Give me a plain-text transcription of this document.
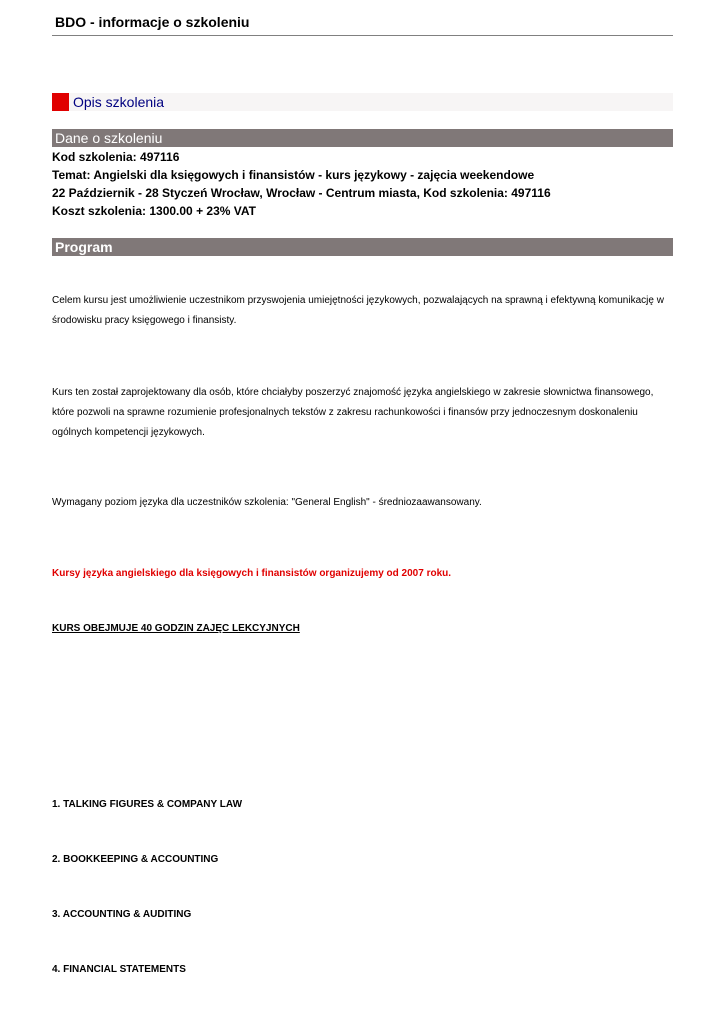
BDO - informacje o szkoleniu
Opis szkolenia
Dane o szkoleniu
Kod szkolenia: 497116
Temat: Angielski dla księgowych i finansistów - kurs językowy - zajęcia weekendowe
22 Październik - 28 Styczeń Wrocław, Wrocław - Centrum miasta, Kod szkolenia: 497116
Koszt szkolenia: 1300.00 + 23% VAT
Program
Celem kursu jest umożliwienie uczestnikom przyswojenia umiejętności językowych, pozwalających na sprawną i efektywną komunikację w środowisku pracy księgowego i finansisty.
Kurs ten został zaprojektowany dla osób, które chciałyby poszerzyć znajomość języka angielskiego w zakresie słownictwa finansowego, które pozwoli na sprawne rozumienie profesjonalnych tekstów z zakresu rachunkowości i finansów przy jednoczesnym doskonaleniu ogólnych kompetencji językowych.
Wymagany poziom języka dla uczestników szkolenia: "General English" - średniozaawansowany.
Kursy języka angielskiego dla księgowych i finansistów organizujemy od 2007 roku.
KURS OBEJMUJE 40 GODZIN ZAJĘC LEKCYJNYCH
1. TALKING FIGURES & COMPANY LAW
2. BOOKKEEPING & ACCOUNTING
3. ACCOUNTING & AUDITING
4. FINANCIAL STATEMENTS
